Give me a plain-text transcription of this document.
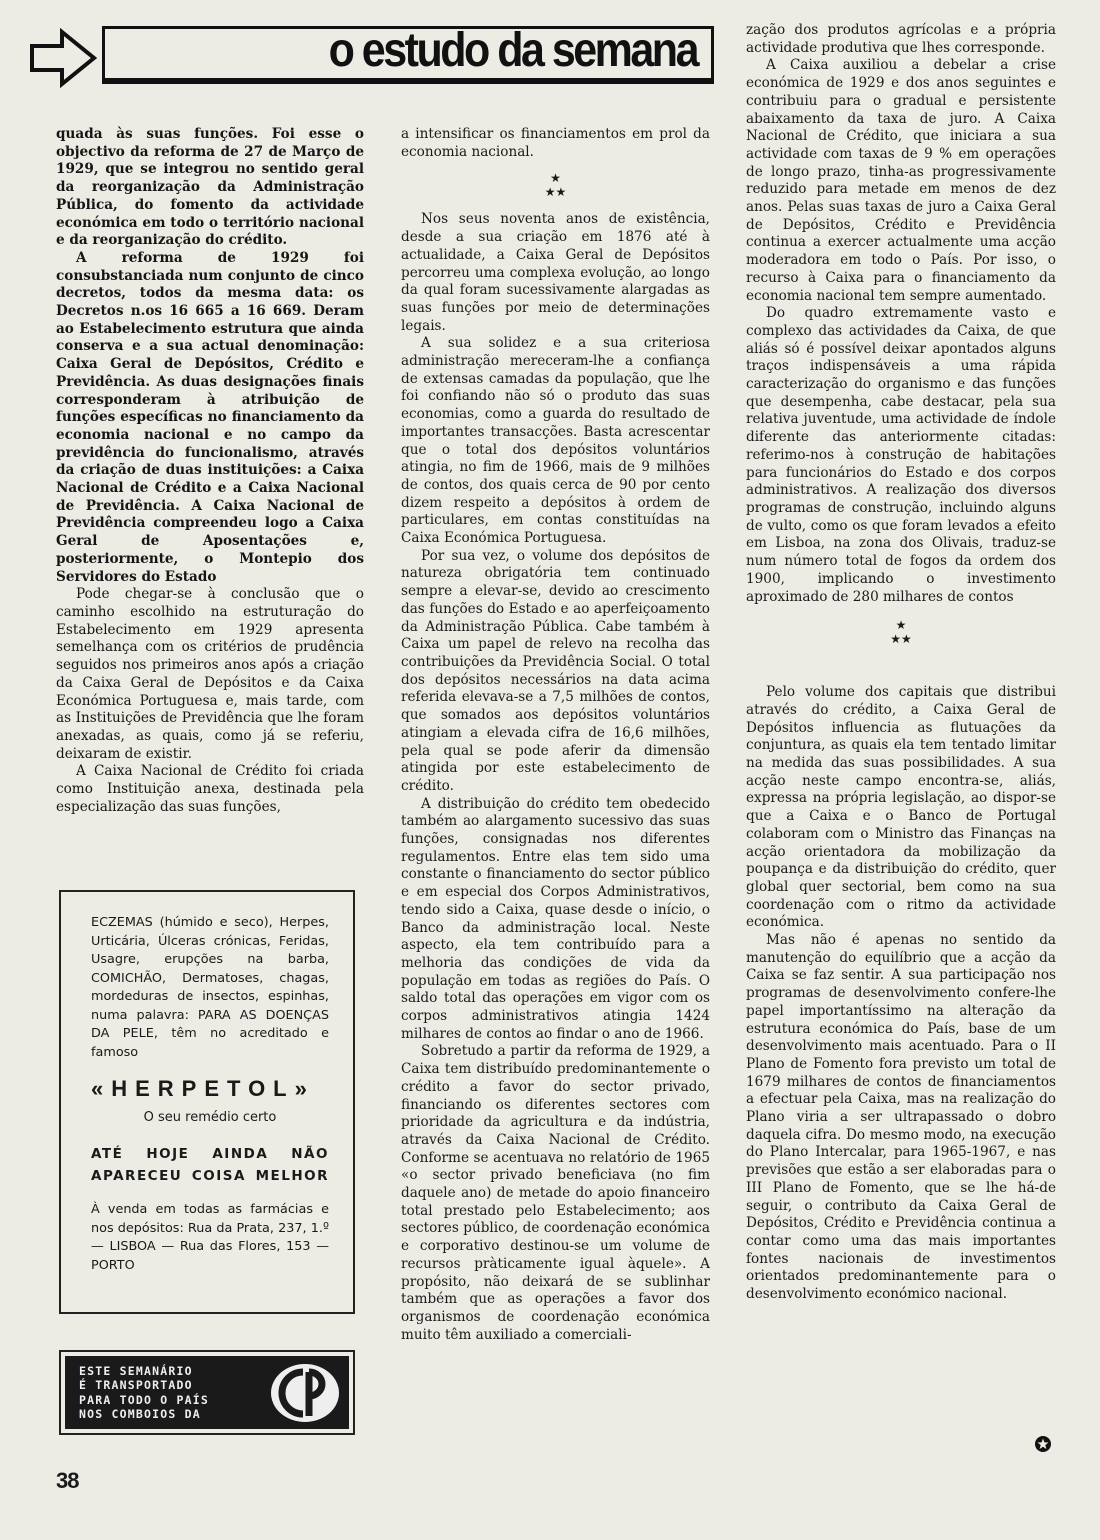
o estudo da semana

quada às suas funções. Foi esse o objectivo da reforma de 27 de Março de 1929, que se integrou no sentido geral da reorganização da Administração Pública, do fomento da actividade económica em todo o território nacional e da reorganização do crédito.

A reforma de 1929 foi consubstanciada num conjunto de cinco decretos, todos da mesma data: os Decretos n.os 16 665 a 16 669. Deram ao Estabelecimento estrutura que ainda conserva e a sua actual denominação: Caixa Geral de Depósitos, Crédito e Previdência. As duas designações finais corresponderam à atribuição de funções específicas no financiamento da economia nacional e no campo da previdência do funcionalismo, através da criação de duas instituições: a Caixa Nacional de Crédito e a Caixa Nacional de Previdência. A Caixa Nacional de Previdência compreendeu logo a Caixa Geral de Aposentações e, posteriormente, o Montepio dos Servidores do Estado

Pode chegar-se à conclusão que o caminho escolhido na estruturação do Estabelecimento em 1929 apresenta semelhança com os critérios de prudência seguidos nos primeiros anos após a criação da Caixa Geral de Depósitos e da Caixa Económica Portuguesa e, mais tarde, com as Instituições de Previdência que lhe foram anexadas, as quais, como já se referiu, deixaram de existir.

A Caixa Nacional de Crédito foi criada como Instituição anexa, destinada pela especialização das suas funções,

a intensificar os financiamentos em prol da economia nacional.

★
★★

Nos seus noventa anos de existência, desde a sua criação em 1876 até à actualidade, a Caixa Geral de Depósitos percorreu uma complexa evolução, ao longo da qual foram sucessivamente alargadas as suas funções por meio de determinações legais.

A sua solidez e a sua criteriosa administração mereceram-lhe a confiança de extensas camadas da população, que lhe foi confiando não só o produto das suas economias, como a guarda do resultado de importantes transacções. Basta acrescentar que o total dos depósitos voluntários atingia, no fim de 1966, mais de 9 milhões de contos, dos quais cerca de 90 por cento dizem respeito a depósitos à ordem de particulares, em contas constituídas na Caixa Económica Portuguesa.

Por sua vez, o volume dos depósitos de natureza obrigatória tem continuado sempre a elevar-se, devido ao crescimento das funções do Estado e ao aperfeiçoamento da Administração Pública. Cabe também à Caixa um papel de relevo na recolha das contribuições da Previdência Social. O total dos depósitos necessários na data acima referida elevava-se a 7,5 milhões de contos, que somados aos depósitos voluntários atingiam a elevada cifra de 16,6 milhões, pela qual se pode aferir da dimensão atingida por este estabelecimento de crédito.

A distribuição do crédito tem obedecido também ao alargamento sucessivo das suas funções, consignadas nos diferentes regulamentos. Entre elas tem sido uma constante o financiamento do sector público e em especial dos Corpos Administrativos, tendo sido a Caixa, quase desde o início, o Banco da administração local. Neste aspecto, ela tem contribuído para a melhoria das condições de vida da população em todas as regiões do País. O saldo total das operações em vigor com os corpos administrativos atingia 1424 milhares de contos ao findar o ano de 1966.

Sobretudo a partir da reforma de 1929, a Caixa tem distribuído predominantemente o crédito a favor do sector privado, financiando os diferentes sectores com prioridade da agricultura e da indústria, através da Caixa Nacional de Crédito. Conforme se acentuava no relatório de 1965 «o sector privado beneficiava (no fim daquele ano) de metade do apoio financeiro total prestado pelo Estabelecimento; aos sectores público, de coordenação económica e corporativo destinou-se um volume de recursos pràticamente igual àquele». A propósito, não deixará de se sublinhar também que as operações a favor dos organismos de coordenação económica muito têm auxiliado a comerciali-

zação dos produtos agrícolas e a própria actividade produtiva que lhes corresponde.

A Caixa auxiliou a debelar a crise económica de 1929 e dos anos seguintes e contribuiu para o gradual e persistente abaixamento da taxa de juro. A Caixa Nacional de Crédito, que iniciara a sua actividade com taxas de 9 % em operações de longo prazo, tinha-as progressivamente reduzido para metade em menos de dez anos. Pelas suas taxas de juro a Caixa Geral de Depósitos, Crédito e Previdência continua a exercer actualmente uma acção moderadora em todo o País. Por isso, o recurso à Caixa para o financiamento da economia nacional tem sempre aumentado.

Do quadro extremamente vasto e complexo das actividades da Caixa, de que aliás só é possível deixar apontados alguns traços indispensáveis a uma rápida caracterização do organismo e das funções que desempenha, cabe destacar, pela sua relativa juventude, uma actividade de índole diferente das anteriormente citadas: referimo-nos à construção de habitações para funcionários do Estado e dos corpos administrativos. A realização dos diversos programas de construção, incluindo alguns de vulto, como os que foram levados a efeito em Lisboa, na zona dos Olivais, traduz-se num número total de fogos da ordem dos 1900, implicando o investimento aproximado de 280 milhares de contos

★
★★

Pelo volume dos capitais que distribui através do crédito, a Caixa Geral de Depósitos influencia as flutuações da conjuntura, as quais ela tem tentado limitar na medida das suas possibilidades. A sua acção neste campo encontra-se, aliás, expressa na própria legislação, ao dispor-se que a Caixa e o Banco de Portugal colaboram com o Ministro das Finanças na acção orientadora da mobilização da poupança e da distribuição do crédito, quer global quer sectorial, bem como na sua coordenação com o ritmo da actividade económica.

Mas não é apenas no sentido da manutenção do equilíbrio que a acção da Caixa se faz sentir. A sua participação nos programas de desenvolvimento confere-lhe papel importantíssimo na alteração da estrutura económica do País, base de um desenvolvimento mais acentuado. Para o II Plano de Fomento fora previsto um total de 1679 milhares de contos de financiamentos a efectuar pela Caixa, mas na realização do Plano viria a ser ultrapassado o dobro daquela cifra. Do mesmo modo, na execução do Plano Intercalar, para 1965-1967, e nas previsões que estão a ser elaboradas para o III Plano de Fomento, que se lhe há-de seguir, o contributo da Caixa Geral de Depósitos, Crédito e Previdência continua a contar como uma das mais importantes fontes nacionais de investimentos orientados predominantemente para o desenvolvimento económico nacional.

ECZEMAS (húmido e seco), Herpes, Urticária, Úlceras crónicas, Feridas, Usagre, erupções na barba, COMICHÃO, Dermatoses, chagas, mordeduras de insectos, espinhas, numa palavra: PARA AS DOENÇAS DA PELE, têm no acreditado e famoso
«HERPETOL»
O seu remédio certo
ATÉ HOJE AINDA NÃO
APARECEU COISA MELHOR
À venda em todas as farmácias e nos depósitos: Rua da Prata, 237, 1.º — LISBOA — Rua das Flores, 153 — PORTO
ESTE SEMANÁRIO
É TRANSPORTADO
PARA TODO O PAÍS
NOS COMBOIOS DA
38
